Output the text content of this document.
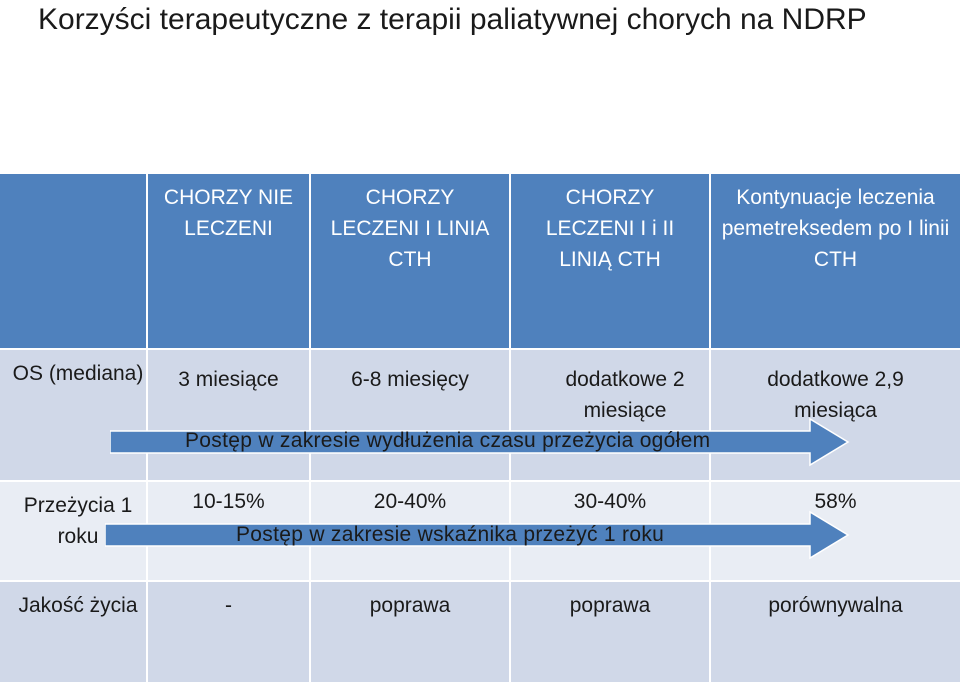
Korzyści terapeutyczne z terapii paliatywnej chorych na NDRP

	CHORZY NIE LECZENI	CHORZY LECZENI I LINIA CTH	CHORZY LECZENI I i II LINIĄ CTH	Kontynuacje leczenia pemetreksedem po I linii CTH

OS (mediana)	3 miesiące	6-8 miesięcy	dodatkowe 2 miesiące	dodatkowe 2,9 miesiąca

Przeżycia 1 roku	10-15%	20-40%	30-40%	58%

Jakość życia	-	poprawa	poprawa	porównywalna
Postęp w zakresie wydłużenia czasu przeżycia ogółem
Postęp w zakresie wskaźnika przeżyć 1 roku
